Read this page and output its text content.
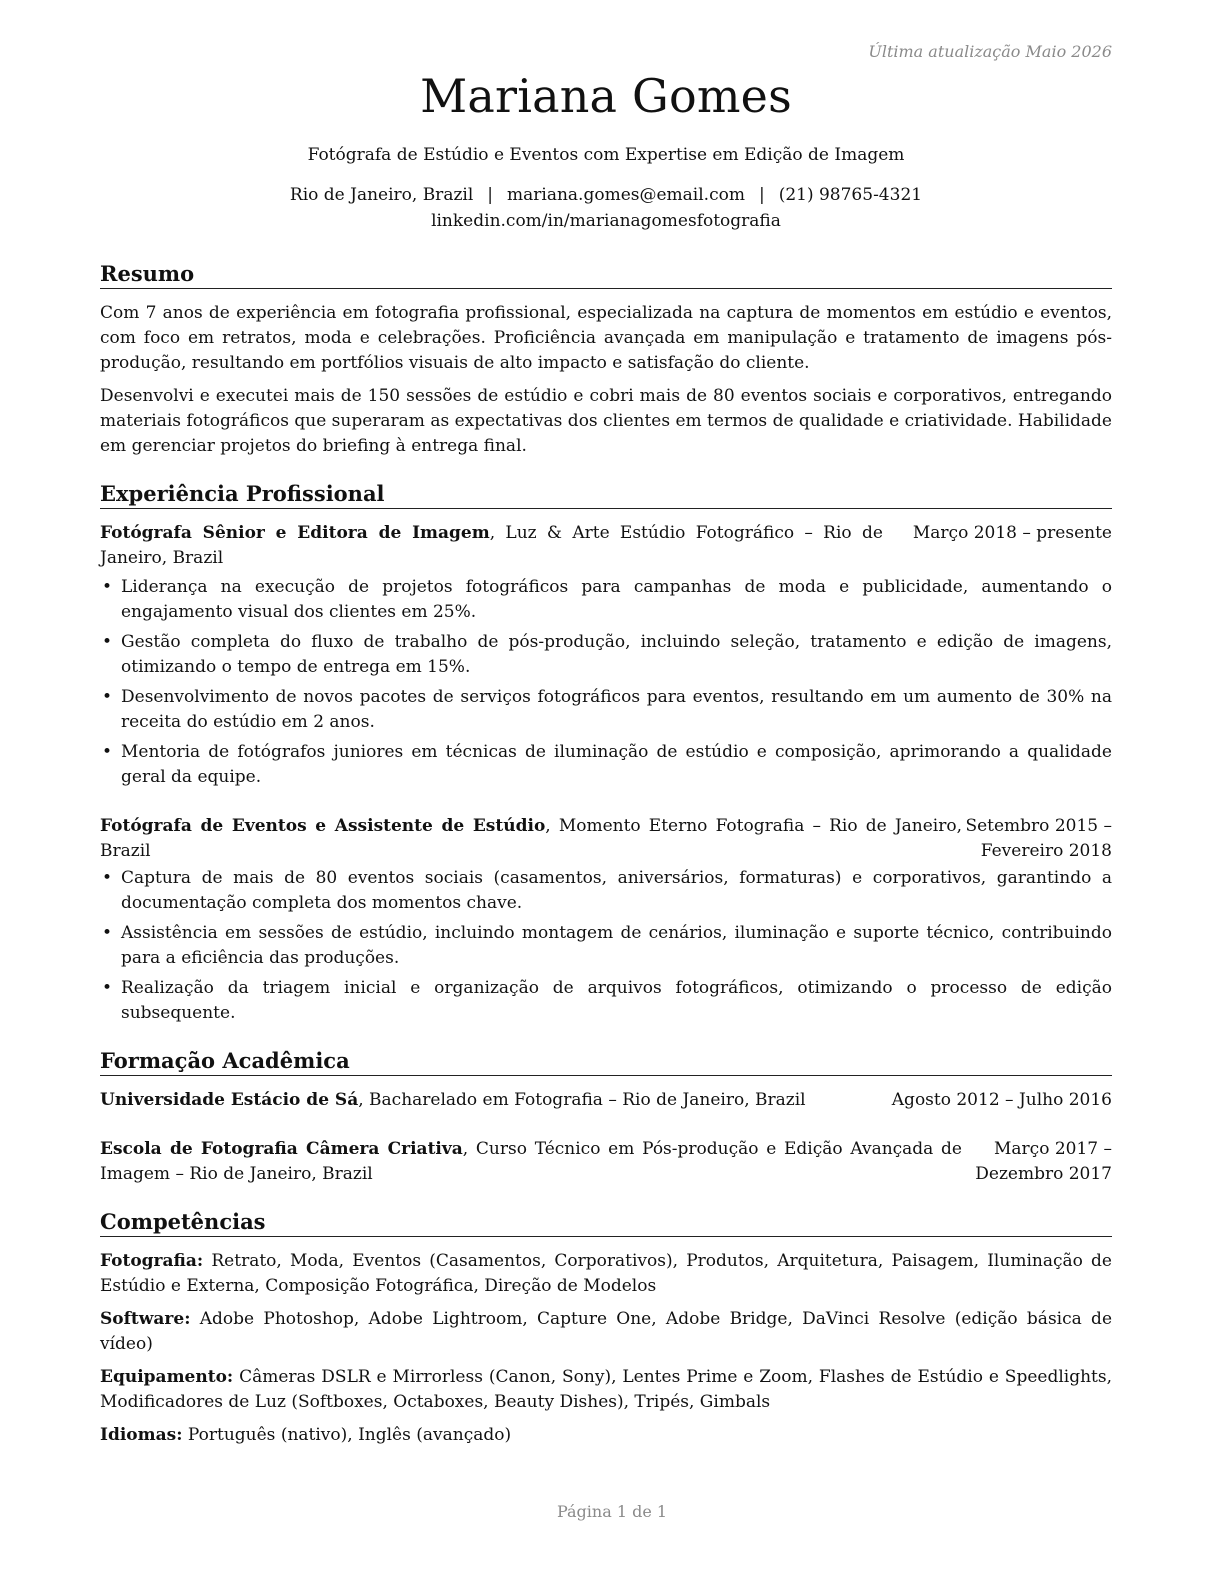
Última atualização Maio 2026
Mariana Gomes
Fotógrafa de Estúdio e Eventos com Expertise em Edição de Imagem
Rio de Janeiro, Brazil | mariana.gomes@email.com | (21) 98765-4321
linkedin.com/in/marianagomesfotografia
Resumo

Com 7 anos de experiência em fotografia profissional, especializada na captura de momentos em estúdio e eventos, com foco em retratos, moda e celebrações. Proficiência avançada em manipulação e tratamento de imagens pós-produção, resultando em portfólios visuais de alto impacto e satisfação do cliente.

Desenvolvi e executei mais de 150 sessões de estúdio e cobri mais de 80 eventos sociais e corporativos, entregando materiais fotográficos que superaram as expectativas dos clientes em termos de qualidade e criatividade. Habilidade em gerenciar projetos do briefing à entrega final.

Experiência Profissional
Fotógrafa Sênior e Editora de Imagem, Luz & Arte Estúdio Fotográfico – Rio de Janeiro, Brazil
Março 2018 – presente
• Liderança na execução de projetos fotográficos para campanhas de moda e publicidade, aumentando o engajamento visual dos clientes em 25%.
• Gestão completa do fluxo de trabalho de pós-produção, incluindo seleção, tratamento e edição de imagens, otimizando o tempo de entrega em 15%.
• Desenvolvimento de novos pacotes de serviços fotográficos para eventos, resultando em um aumento de 30% na receita do estúdio em 2 anos.
• Mentoria de fotógrafos juniores em técnicas de iluminação de estúdio e composição, aprimorando a qualidade geral da equipe.
Fotógrafa de Eventos e Assistente de Estúdio, Momento Eterno Fotografia – Rio de Janeiro, Brazil
Setembro 2015 – Fevereiro 2018
• Captura de mais de 80 eventos sociais (casamentos, aniversários, formaturas) e corporativos, garantindo a documentação completa dos momentos chave.
• Assistência em sessões de estúdio, incluindo montagem de cenários, iluminação e suporte técnico, contribuindo para a eficiência das produções.
• Realização da triagem inicial e organização de arquivos fotográficos, otimizando o processo de edição subsequente.
Formação Acadêmica
Universidade Estácio de Sá, Bacharelado em Fotografia – Rio de Janeiro, Brazil	Agosto 2012 – Julho 2016
Escola de Fotografia Câmera Criativa, Curso Técnico em Pós-produção e Edição Avançada de Imagem – Rio de Janeiro, Brazil
Março 2017 – Dezembro 2017
Competências
Fotografia: Retrato, Moda, Eventos (Casamentos, Corporativos), Produtos, Arquitetura, Paisagem, Iluminação de Estúdio e Externa, Composição Fotográfica, Direção de Modelos
Software: Adobe Photoshop, Adobe Lightroom, Capture One, Adobe Bridge, DaVinci Resolve (edição básica de vídeo)
Equipamento: Câmeras DSLR e Mirrorless (Canon, Sony), Lentes Prime e Zoom, Flashes de Estúdio e Speedlights, Modificadores de Luz (Softboxes, Octaboxes, Beauty Dishes), Tripés, Gimbals
Idiomas: Português (nativo), Inglês (avançado)
Página 1 de 1
